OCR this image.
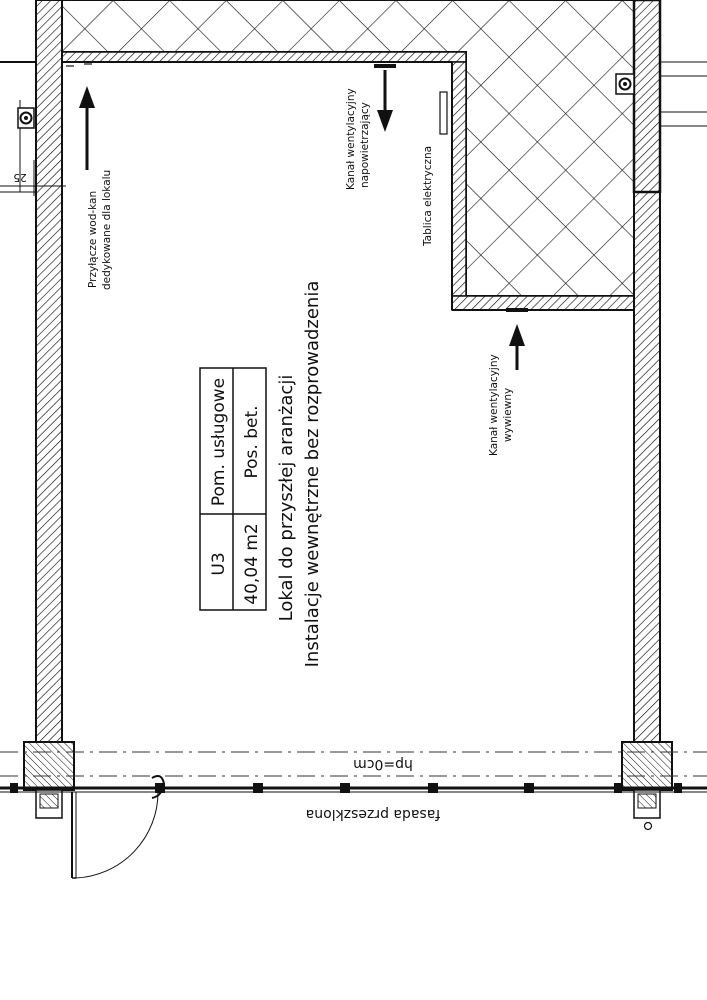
25
Przyłącze wod-kan dedykowane dla lokalu
Kanał wentylacyjny napowietrzający
Tablica elektryczna
Kanał wentylacyjny wywiewny
U3
Pom. usługowe
40,04 m2
Pos. bet. Lokal do przyszłej aranżacji Instalacje wewnętrzne bez rozprowadzenia
hp=0cm
fasada przeszklona
